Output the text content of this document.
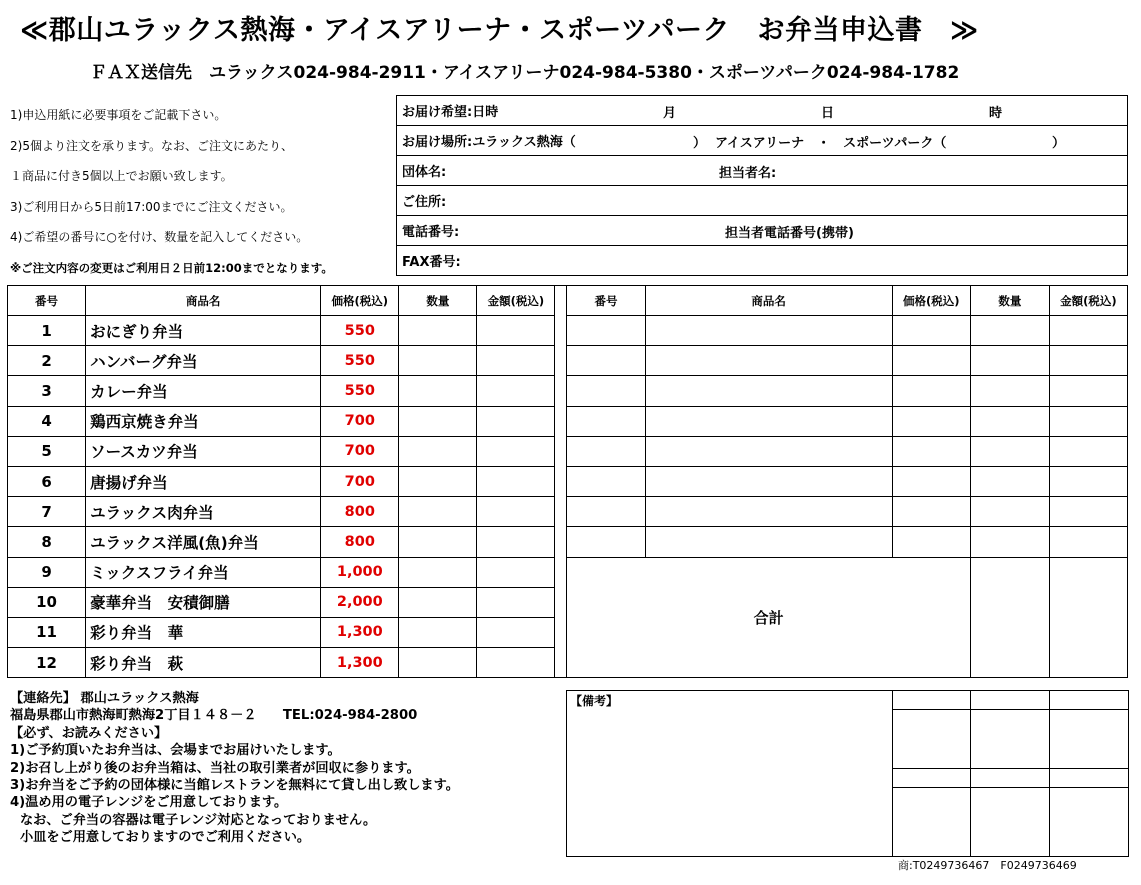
≪郡山ユラックス熱海・アイスアリーナ・スポーツパーク　お弁当申込書　≫
ＦＡＸ送信先　ユラックス024-984-2911・アイスアリーナ024-984-5380・スポーツパーク024-984-1782
1)申込用紙に必要事項をご記載下さい。
2)5個より注文を承ります。なお、ご注文にあたり、
１商品に付き5個以上でお願い致します。
3)ご利用日から5日前17:00までにご注文ください。
4)ご希望の番号に○を付け、数量を記入してください。
※ご注文内容の変更はご利用日２日前12:00までとなります。
お届け希望:日時	月	日	時

お届け場所:ユラックス熱海（	） アイスアリーナ　・　スポーツパーク（	）

団体名:	担当者名:

ご住所:
電話番号:	担当者電話番号(携帯)

FAX番号:
番号	商品名	価格(税込)	数量	金額(税込)		番号	商品名	価格(税込)	数量	金額(税込)
1	おにぎり弁当	550								
2	ハンバーグ弁当	550								
3	カレー弁当	550								
4	鶏西京焼き弁当	700								
5	ソースカツ弁当	700								
6	唐揚げ弁当	700								
7	ユラックス肉弁当	800								
8	ユラックス洋風(魚)弁当	800								
9	ミックスフライ弁当	1,000				合計				
10	豪華弁当　安積御膳	2,000								
11	彩り弁当　華	1,300								
12	彩り弁当　萩	1,300								
【連絡先】 郡山ユラックス熱海
福島県郡山市熱海町熱海2丁目１４８－２　　TEL:024-984-2800
【必ず、お読みください】
1)ご予約頂いたお弁当は、会場までお届けいたします。
2)お召し上がり後のお弁当箱は、当社の取引業者が回収に参ります。
3)お弁当をご予約の団体様に当館レストランを無料にて貸し出し致します。
4)温め用の電子レンジをご用意しております。
なお、ご弁当の容器は電子レンジ対応となっておりません。
小皿をご用意しておりますのでご利用ください。
【備考】			

商:T0249736467　F0249736469
